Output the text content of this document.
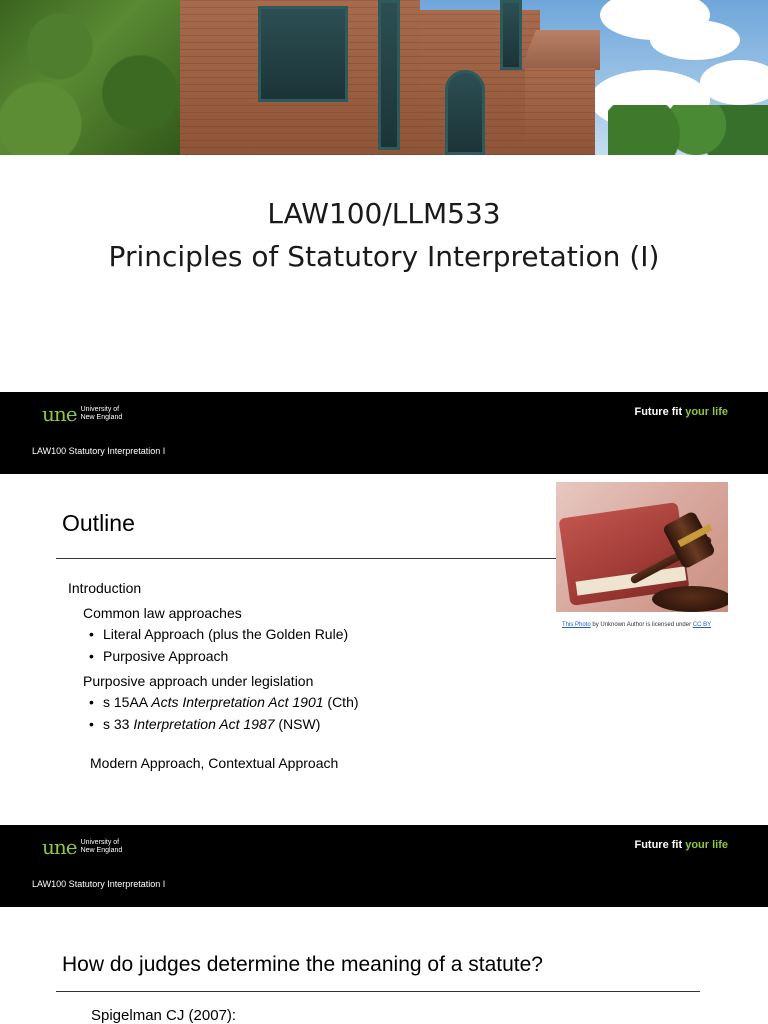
LAW100/LLM533
Principles of Statutory Interpretation (I)
une University of
New England	Future fit your life
LAW100 Statutory Interpretation I
Outline
This Photo by Unknown Author is licensed under CC BY
Introduction
Common law approaches
• Literal Approach (plus the Golden Rule)
• Purposive Approach
Purposive approach under legislation
• s 15AA Acts Interpretation Act 1901 (Cth)
• s 33 Interpretation Act 1987 (NSW)
Modern Approach, Contextual Approach
une University of
New England	Future fit your life
LAW100 Statutory Interpretation I
How do judges determine the meaning of a statute?
Spigelman CJ (2007):
